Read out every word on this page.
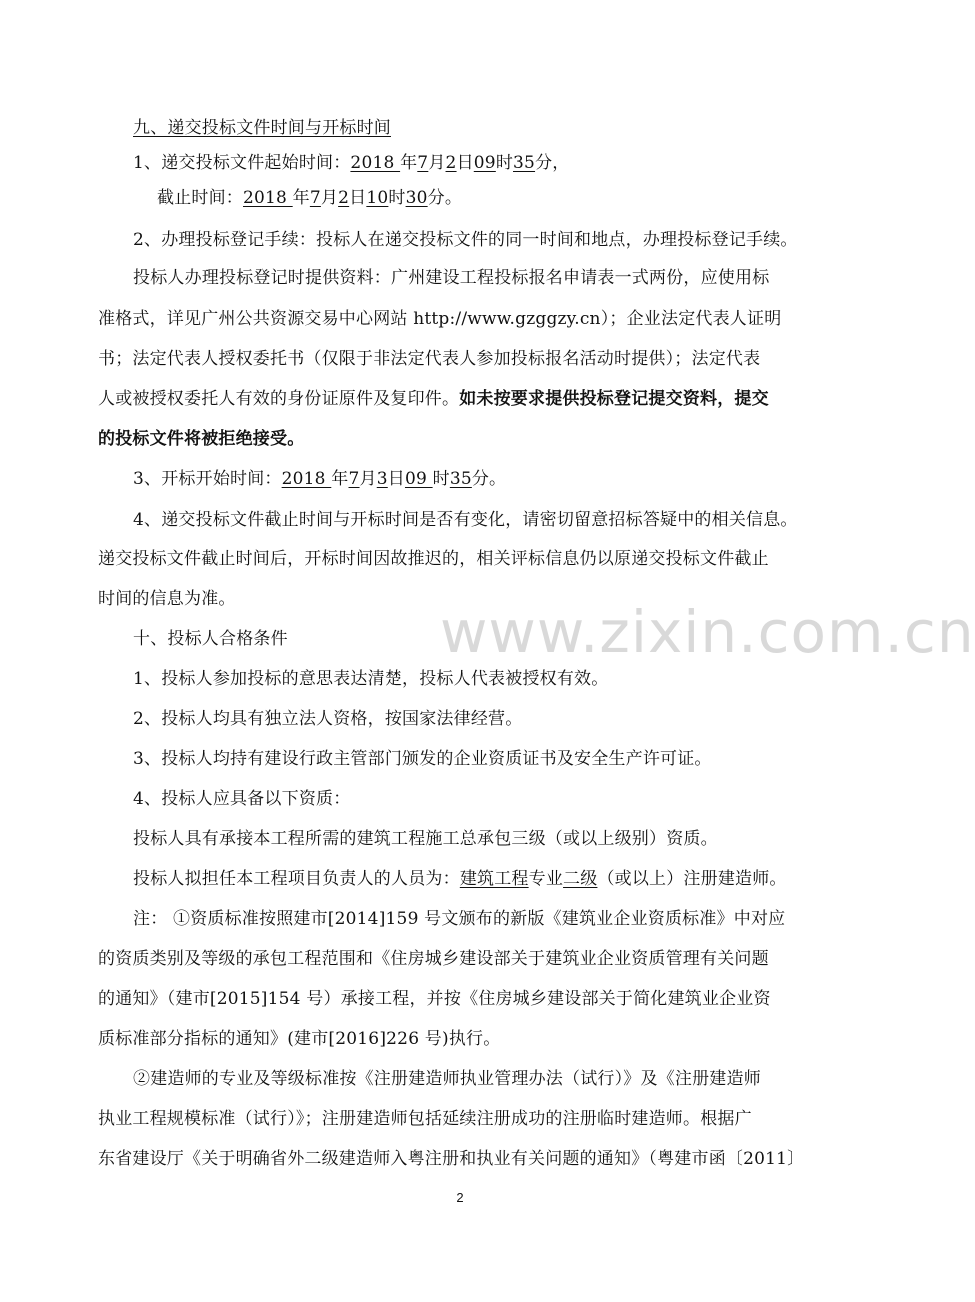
九、递交投标文件时间与开标时间
1、递交投标文件起始时间：2018 年7月2日09时35分，
截止时间：2018 年7月2日10时30分。
2、办理投标登记手续：投标人在递交投标文件的同一时间和地点，办理投标登记手续。
投标人办理投标登记时提供资料：广州建设工程投标报名申请表一式两份，应使用标
准格式，详见广州公共资源交易中心网站 http://www.gzggzy.cn）；企业法定代表人证明
书；法定代表人授权委托书（仅限于非法定代表人参加投标报名活动时提供）；法定代表
人或被授权委托人有效的身份证原件及复印件。如未按要求提供投标登记提交资料，提交
的投标文件将被拒绝接受。
3、开标开始时间：2018 年7月3日09 时35分。
4、递交投标文件截止时间与开标时间是否有变化，请密切留意招标答疑中的相关信息。
递交投标文件截止时间后，开标时间因故推迟的，相关评标信息仍以原递交投标文件截止
时间的信息为准。	www.zixin.com.cn
十、投标人合格条件
1、投标人参加投标的意思表达清楚，投标人代表被授权有效。
2、投标人均具有独立法人资格，按国家法律经营。
3、投标人均持有建设行政主管部门颁发的企业资质证书及安全生产许可证。
4、投标人应具备以下资质：
投标人具有承接本工程所需的建筑工程施工总承包三级（或以上级别）资质。
投标人拟担任本工程项目负责人的人员为：建筑工程专业二级（或以上）注册建造师。
注： ①资质标准按照建市[2014]159 号文颁布的新版《建筑业企业资质标准》中对应
的资质类别及等级的承包工程范围和《住房城乡建设部关于建筑业企业资质管理有关问题
的通知》（建市[2015]154 号）承接工程，并按《住房城乡建设部关于简化建筑业企业资
质标准部分指标的通知》(建市[2016]226 号)执行。
②建造师的专业及等级标准按《注册建造师执业管理办法（试行）》及《注册建造师
执业工程规模标准（试行）》；注册建造师包括延续注册成功的注册临时建造师。根据广
东省建设厅《关于明确省外二级建造师入粤注册和执业有关问题的通知》（粤建市函〔2011〕
2
